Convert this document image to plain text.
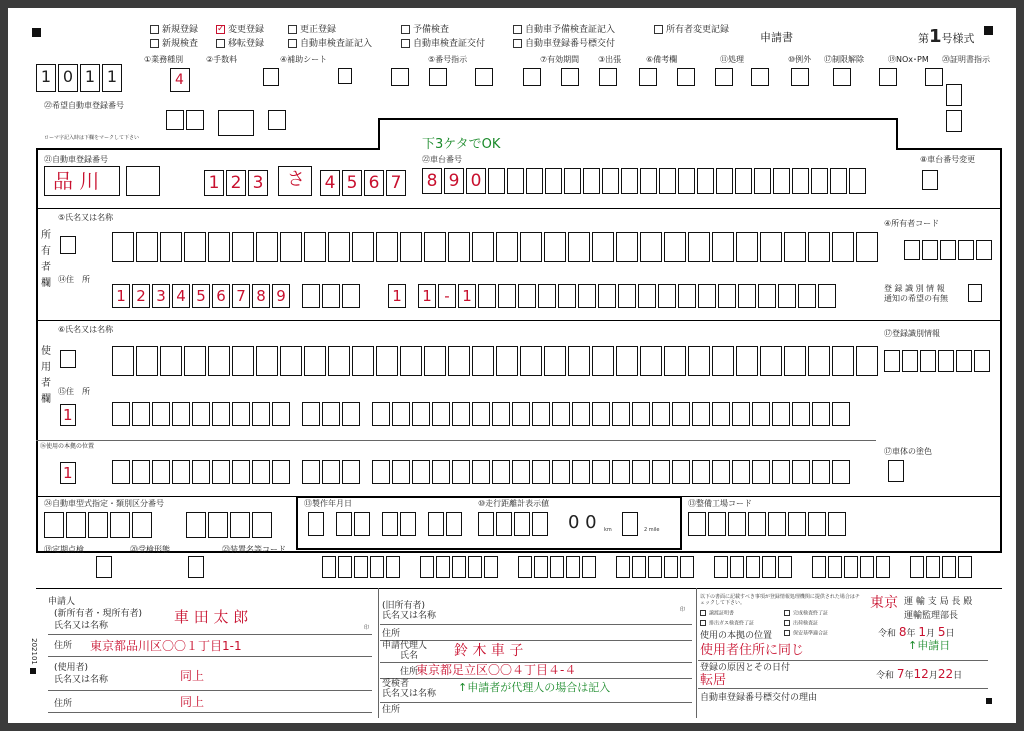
新規登録 ✓ 変更登録	更正登録	予備検査	自動車予備検査証記入	所有者変更記録
新規検査	移転登録	自動車検査証記入	自動車検査証交付	自動車登録番号標交付	申請書	第1号様式
1 0 1 1
①業務種別	②手数料	④補助シート	⑤番号指示	⑦有効期間 ③出張	⑥備考欄	⑪処理	⑩例外 ⑰制限解除	⑲NOx･PM ⑳証明書指示
4
㉒希望自動車登録番号
ローマ字記入時は下欄をマークして下さい	下3ケタでOK
㉑自動車登録番号
品 川	1 2 3 さ 4 5 6 7
㉒車台番号
8 9 0
⑧車台番号変更
所
有
者
欄
⑤氏名又は名称
④所有者コード
⑭住　所
1 2 3 4 5 6 7 8 9	1 1 - 1	登 録 識 別 情 報
通知の希望の有無
使
用
者
欄
⑥氏名又は名称	⑰登録識別情報
⑮住　所
1
⑯使用の本拠の位置
1
⑰車体の塗色
㉔自動車型式指定・類別区分番号	⑬製作年月日	⑩走行距離計表示値
0 0 km	2 mile
⑬整備工場コード
⑲定期点検	⑳受検形態	㉓装置名等コード
202101
申請人
(新所有者・現所有者)
氏名又は名称	車 田 太 郎
印
住所 東京都品川区〇〇１丁目1-1
(使用者)
氏名又は名称	同上
住所	同上
(旧所有者)
氏名又は名称
印
住所
申請代理人
氏名	鈴 木 車 子
住所
東京都足立区〇〇４丁目４-４
受検者
氏名又は名称 ↑申請者が代理人の場合は記入
住所
以下の書面に記載すべき事項が登録情報処理機関に提供された場合はチェックして下さい。
譲渡証明書	完成検査終了証
排出ガス検査終了証	出荷検査証
保安基準適合証
使用の本拠の位置
使用者住所に同じ
登録の原因とその日付
転居	令和 7年12月22日
自動車登録番号標交付の理由
東京 運 輸 支 局 長 殿
運輸監理部長
令和 8年 1月 5日
↑申請日
